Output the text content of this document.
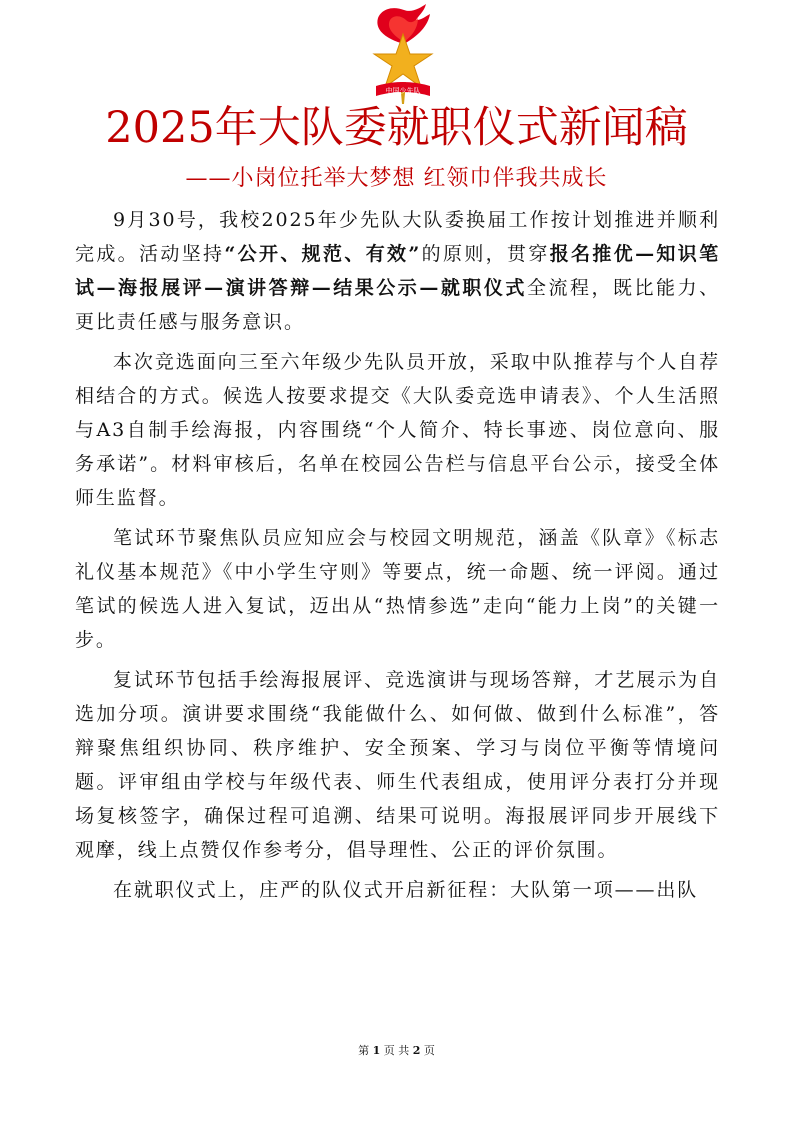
中国少先队
2025年大队委就职仪式新闻稿
——小岗位托举大梦想 红领巾伴我共成长

9月30号，我校2025年少先队大队委换届工作按计划推进并顺利完成。活动坚持“公开、规范、有效”的原则，贯穿报名推优—知识笔试—海报展评—演讲答辩—结果公示—就职仪式全流程，既比能力、更比责任感与服务意识。

本次竞选面向三至六年级少先队员开放，采取中队推荐与个人自荐相结合的方式。候选人按要求提交《大队委竞选申请表》、个人生活照与A3自制手绘海报，内容围绕“个人简介、特长事迹、岗位意向、服务承诺”。材料审核后，名单在校园公告栏与信息平台公示，接受全体师生监督。

笔试环节聚焦队员应知应会与校园文明规范，涵盖《队章》《标志礼仪基本规范》《中小学生守则》等要点，统一命题、统一评阅。通过笔试的候选人进入复试，迈出从“热情参选”走向“能力上岗”的关键一步。

复试环节包括手绘海报展评、竞选演讲与现场答辩，才艺展示为自选加分项。演讲要求围绕“我能做什么、如何做、做到什么标准”，答辩聚焦组织协同、秩序维护、安全预案、学习与岗位平衡等情境问题。评审组由学校与年级代表、师生代表组成，使用评分表打分并现场复核签字，确保过程可追溯、结果可说明。海报展评同步开展线下观摩，线上点赞仅作参考分，倡导理性、公正的评价氛围。

在就职仪式上，庄严的队仪式开启新征程：大队第一项——出队

第 1 页 共 2 页
